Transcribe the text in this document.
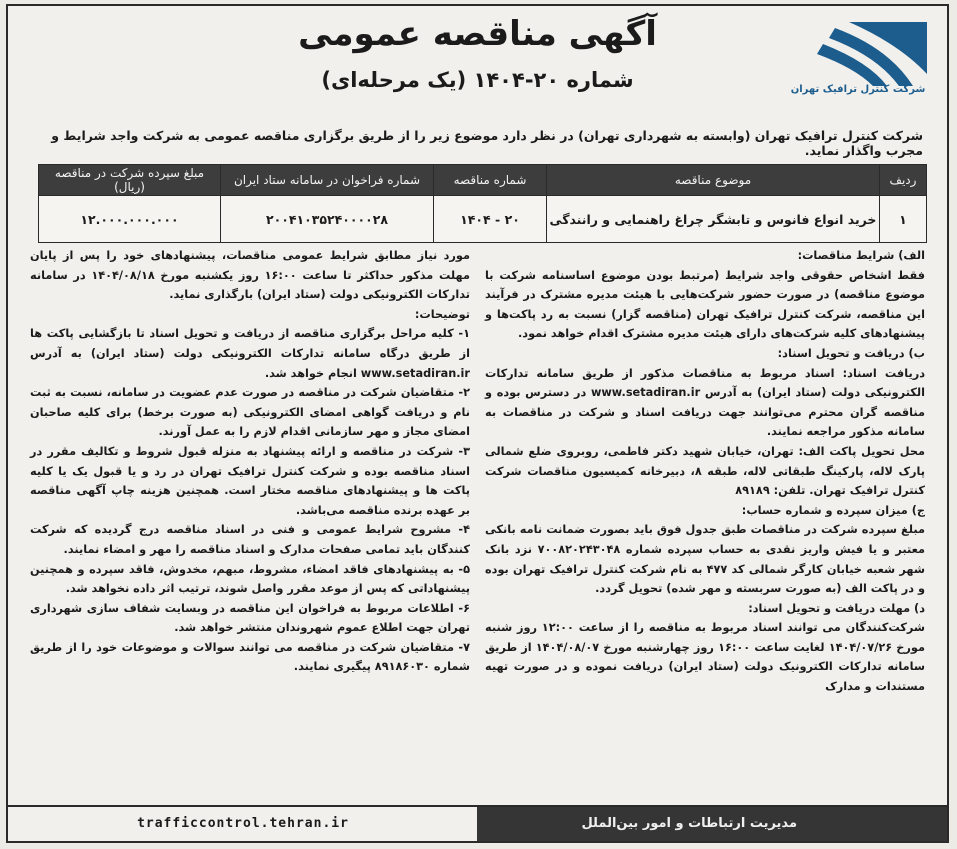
آگهی مناقصه عمومی
شماره ۲۰-۱۴۰۴ (یک مرحله‌ای)	شرکت کنترل ترافیک تهران
شرکت کنترل ترافیک تهران (وابسته به شهرداری تهران) در نظر دارد موضوع زیر را از طریق برگزاری مناقصه عمومی به شرکت واجد شرایط و مجرب واگذار نماید.
ردیف	موضوع مناقصه	شماره مناقصه	شماره فراخوان در سامانه ستاد ایران	مبلغ سپرده شرکت در مناقصه (ریال)
۱	خرید انواع فانوس و تابشگر چراغ راهنمایی و رانندگی	۲۰ - ۱۴۰۴	۲۰۰۴۱۰۳۵۲۴۰۰۰۰۲۸	۱۲.۰۰۰.۰۰۰.۰۰۰

الف) شرایط مناقصات:

فقط اشخاص حقوقی واجد شرایط (مرتبط بودن موضوع اساسنامه شرکت با موضوع مناقصه) در صورت حضور شرکت‌هایی با هیئت مدیره مشترک در فرآیند این مناقصه، شرکت کنترل ترافیک تهران (مناقصه گزار) نسبت به رد پاکت‌ها و پیشنهادهای کلیه شرکت‌های دارای هیئت مدیره مشترک اقدام خواهد نمود.

ب) دریافت و تحویل اسناد:

دریافت اسناد: اسناد مربوط به مناقصات مذکور از طریق سامانه تدارکات الکترونیکی دولت (ستاد ایران) به آدرس www.setadiran.ir در دسترس بوده و مناقصه گران محترم می‌توانند جهت دریافت اسناد و شرکت در مناقصات به سامانه مذکور مراجعه نمایند.

محل تحویل پاکت الف: تهران، خیابان شهید دکتر فاطمی، روبروی ضلع شمالی پارک لاله، پارکینگ طبقاتی لاله، طبقه ۸، دبیرخانه کمیسیون مناقصات شرکت کنترل ترافیک تهران. تلفن: ۸۹۱۸۹

ج) میزان سپرده و شماره حساب:

مبلغ سپرده شرکت در مناقصات طبق جدول فوق باید بصورت ضمانت نامه بانکی معتبر و یا فیش واریز نقدی به حساب سپرده شماره ۷۰۰۸۲۰۲۴۳۰۴۸ نزد بانک شهر شعبه خیابان کارگر شمالی کد ۴۷۷ به نام شرکت کنترل ترافیک تهران بوده و در پاکت الف (به صورت سربسته و مهر شده) تحویل گردد.

د) مهلت دریافت و تحویل اسناد:

شرکت‌کنندگان می توانند اسناد مربوط به مناقصه را از ساعت ۱۲:۰۰ روز شنبه مورخ ۱۴۰۴/۰۷/۲۶ لغایت ساعت ۱۶:۰۰ روز چهارشنبه مورخ ۱۴۰۴/۰۸/۰۷ از طریق سامانه تدارکات الکترونیک دولت (ستاد ایران) دریافت نموده و در صورت تهیه مستندات و مدارک

مورد نیاز مطابق شرایط عمومی مناقصات، پیشنهادهای خود را پس از پایان مهلت مذکور حداکثر تا ساعت ۱۶:۰۰ روز یکشنبه مورخ ۱۴۰۴/۰۸/۱۸ در سامانه تدارکات الکترونیکی دولت (ستاد ایران) بارگذاری نماید.

توضیحات:

۱- کلیه مراحل برگزاری مناقصه از دریافت و تحویل اسناد تا بازگشایی پاکت ها از طریق درگاه سامانه تدارکات الکترونیکی دولت (ستاد ایران) به آدرس www.setadiran.ir انجام خواهد شد.

۲- متقاضیان شرکت در مناقصه در صورت عدم عضویت در سامانه، نسبت به ثبت نام و دریافت گواهی امضای الکترونیکی (به صورت برخط) برای کلیه صاحبان امضای مجاز و مهر سازمانی اقدام لازم را به عمل آورند.

۳- شرکت در مناقصه و ارائه پیشنهاد به منزله قبول شروط و تکالیف مقرر در اسناد مناقصه بوده و شرکت کنترل ترافیک تهران در رد و یا قبول یک یا کلیه پاکت ها و پیشنهادهای مناقصه مختار است. همچنین هزینه چاپ آگهی مناقصه بر عهده برنده مناقصه می‌باشد.

۴- مشروح شرایط عمومی و فنی در اسناد مناقصه درج گردیده که شرکت کنندگان باید تمامی صفحات مدارک و اسناد مناقصه را مهر و امضاء نمایند.

۵- به پیشنهادهای فاقد امضاء، مشروط، مبهم، مخدوش، فاقد سپرده و همچنین پیشنهاداتی که پس از موعد مقرر واصل شوند، ترتیب اثر داده نخواهد شد.

۶- اطلاعات مربوط به فراخوان این مناقصه در وبسایت شفاف سازی شهرداری تهران جهت اطلاع عموم شهروندان منتشر خواهد شد.

۷- متقاضیان شرکت در مناقصه می توانند سوالات و موضوعات خود را از طریق شماره ۸۹۱۸۶۰۳۰ پیگیری نمایند.

trafficcontrol.tehran.ir	مدیریت ارتباطات و امور بین‌الملل
